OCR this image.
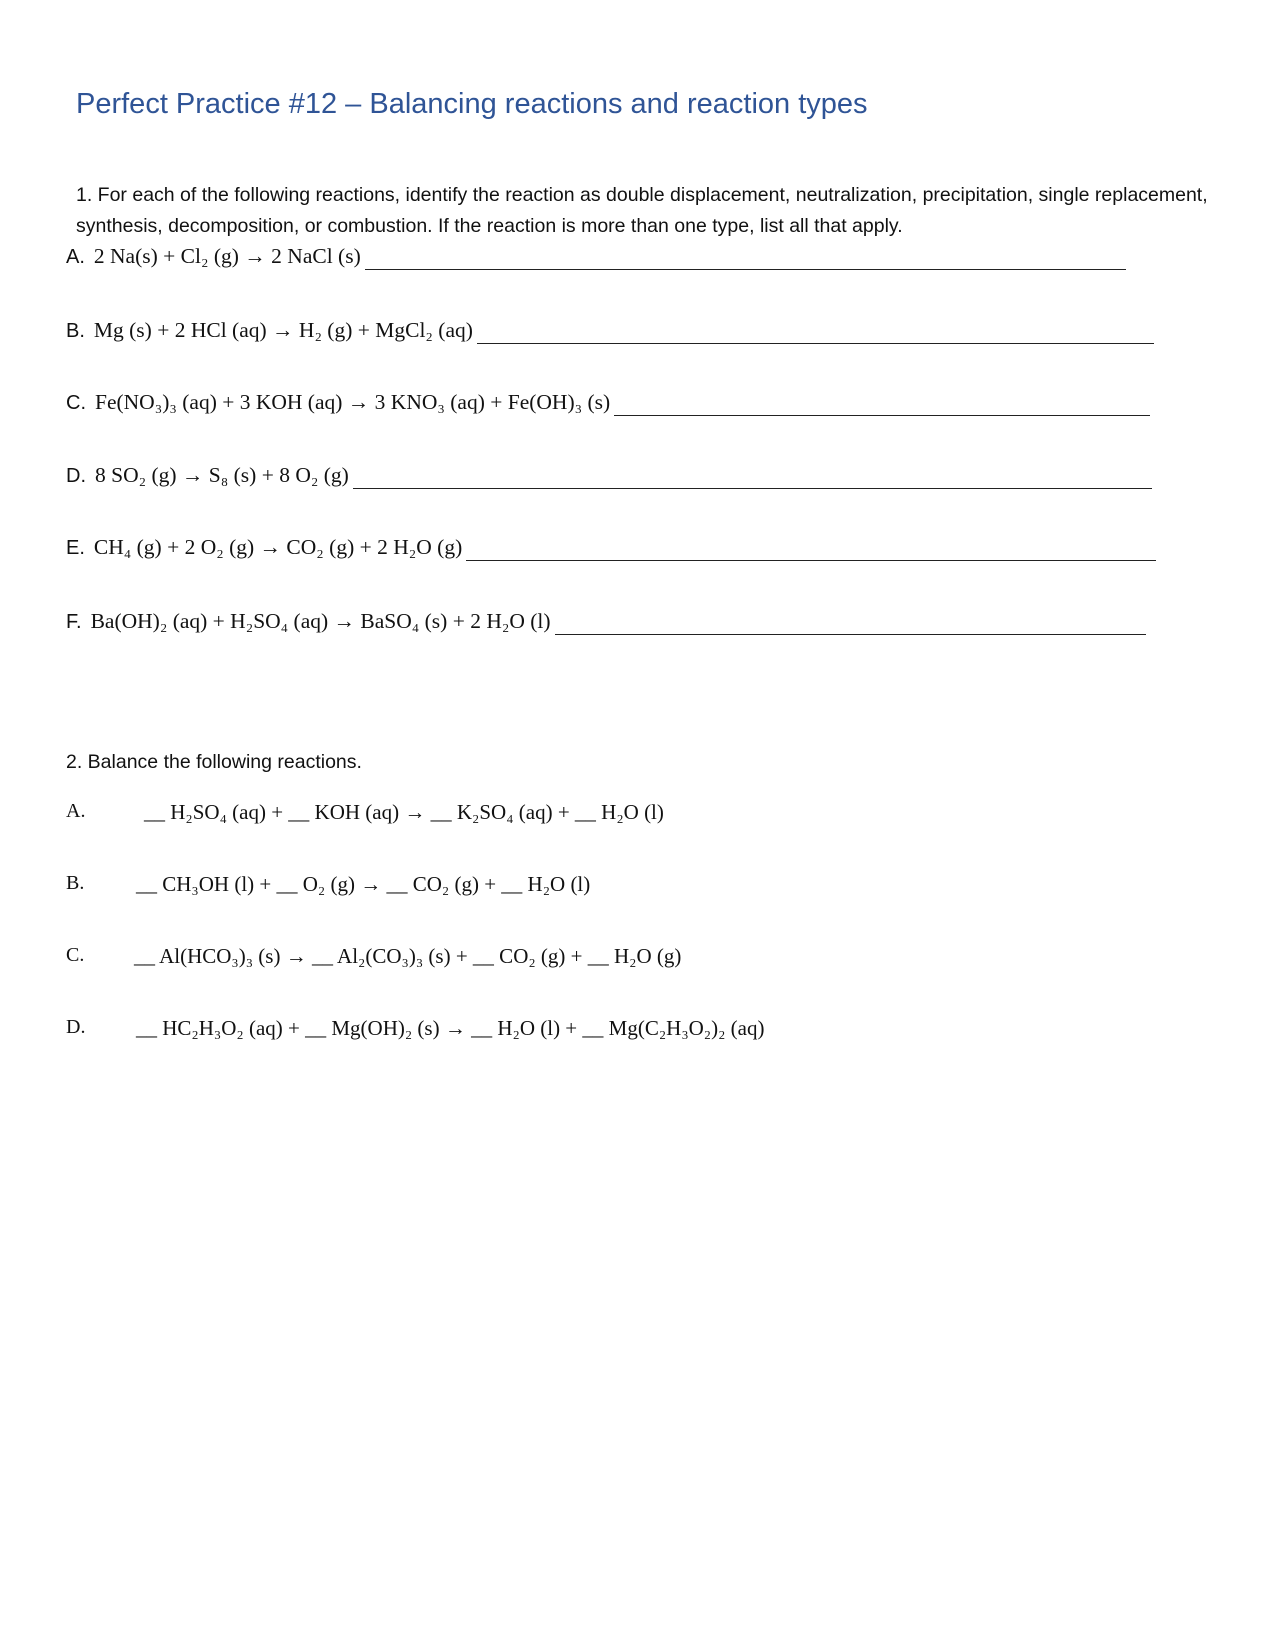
Perfect Practice #12 – Balancing reactions and reaction types
1. For each of the following reactions, identify the reaction as double displacement, neutralization, precipitation, single replacement, synthesis, decomposition, or combustion. If the reaction is more than one type, list all that apply.
A. 2 Na(s) + Cl₂ (g) → 2 NaCl (s)
B. Mg (s) + 2 HCl (aq) → H₂ (g) + MgCl₂ (aq)
C. Fe(NO₃)₃ (aq) + 3 KOH (aq) → 3 KNO₃ (aq) + Fe(OH)₃ (s)
D. 8 SO₂ (g) → S₈ (s) + 8 O₂ (g)
E. CH₄ (g) + 2 O₂ (g) → CO₂ (g) + 2 H₂O (g)
F. Ba(OH)₂ (aq) + H₂SO₄ (aq) → BaSO₄ (s) + 2 H₂O (l)
2. Balance the following reactions.
A.	__ H₂SO₄ (aq) + __ KOH (aq) → __ K₂SO₄ (aq) + __ H₂O (l)
B. __ CH₃OH (l) + __ O₂ (g) → __ CO₂ (g) + __ H₂O (l)
C. __ Al(HCO₃)₃ (s) → __ Al₂(CO₃)₃ (s) + __ CO₂ (g) + __ H₂O (g)
D. __ HC₂H₃O₂ (aq) + __ Mg(OH)₂ (s) → __ H₂O (l) + __ Mg(C₂H₃O₂)₂ (aq)
